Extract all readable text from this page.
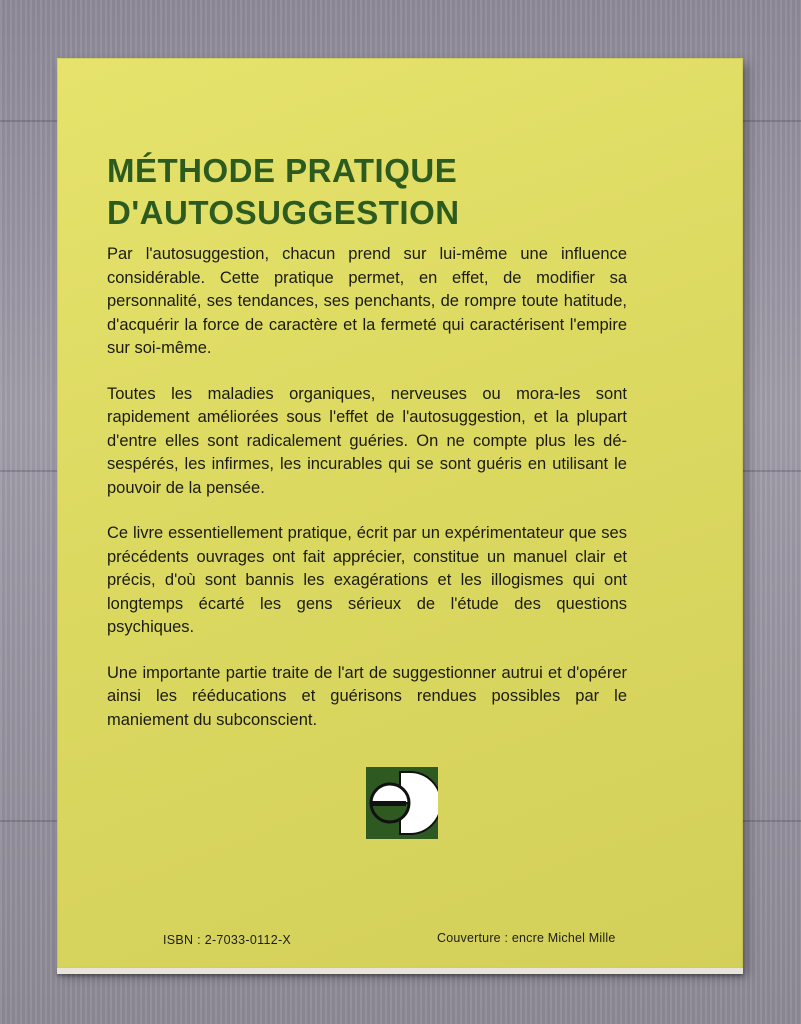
MÉTHODE PRATIQUE
D'AUTOSUGGESTION

Par l'autosuggestion, chacun prend sur lui-même une influence considérable. Cette pratique permet, en effet, de modifier sa personnalité, ses tendances, ses penchants, de rompre toute hatitude, d'acquérir la force de caractère et la fermeté qui caractérisent l'empire sur soi-même.

Toutes les maladies organiques, nerveuses ou mora-les sont rapidement améliorées sous l'effet de l'autosuggestion, et la plupart d'entre elles sont radicalement guéries. On ne compte plus les dé-sespérés, les infirmes, les incurables qui se sont guéris en utilisant le pouvoir de la pensée.

Ce livre essentiellement pratique, écrit par un expérimentateur que ses précédents ouvrages ont fait apprécier, constitue un manuel clair et précis, d'où sont bannis les exagérations et les illogismes qui ont longtemps écarté les gens sérieux de l'étude des questions psychiques.

Une importante partie traite de l'art de suggestionner autrui et d'opérer ainsi les rééducations et guérisons rendues possibles par le maniement du subconscient.

ISBN : 2-7033-0112-X	Couverture : encre Michel Mille
